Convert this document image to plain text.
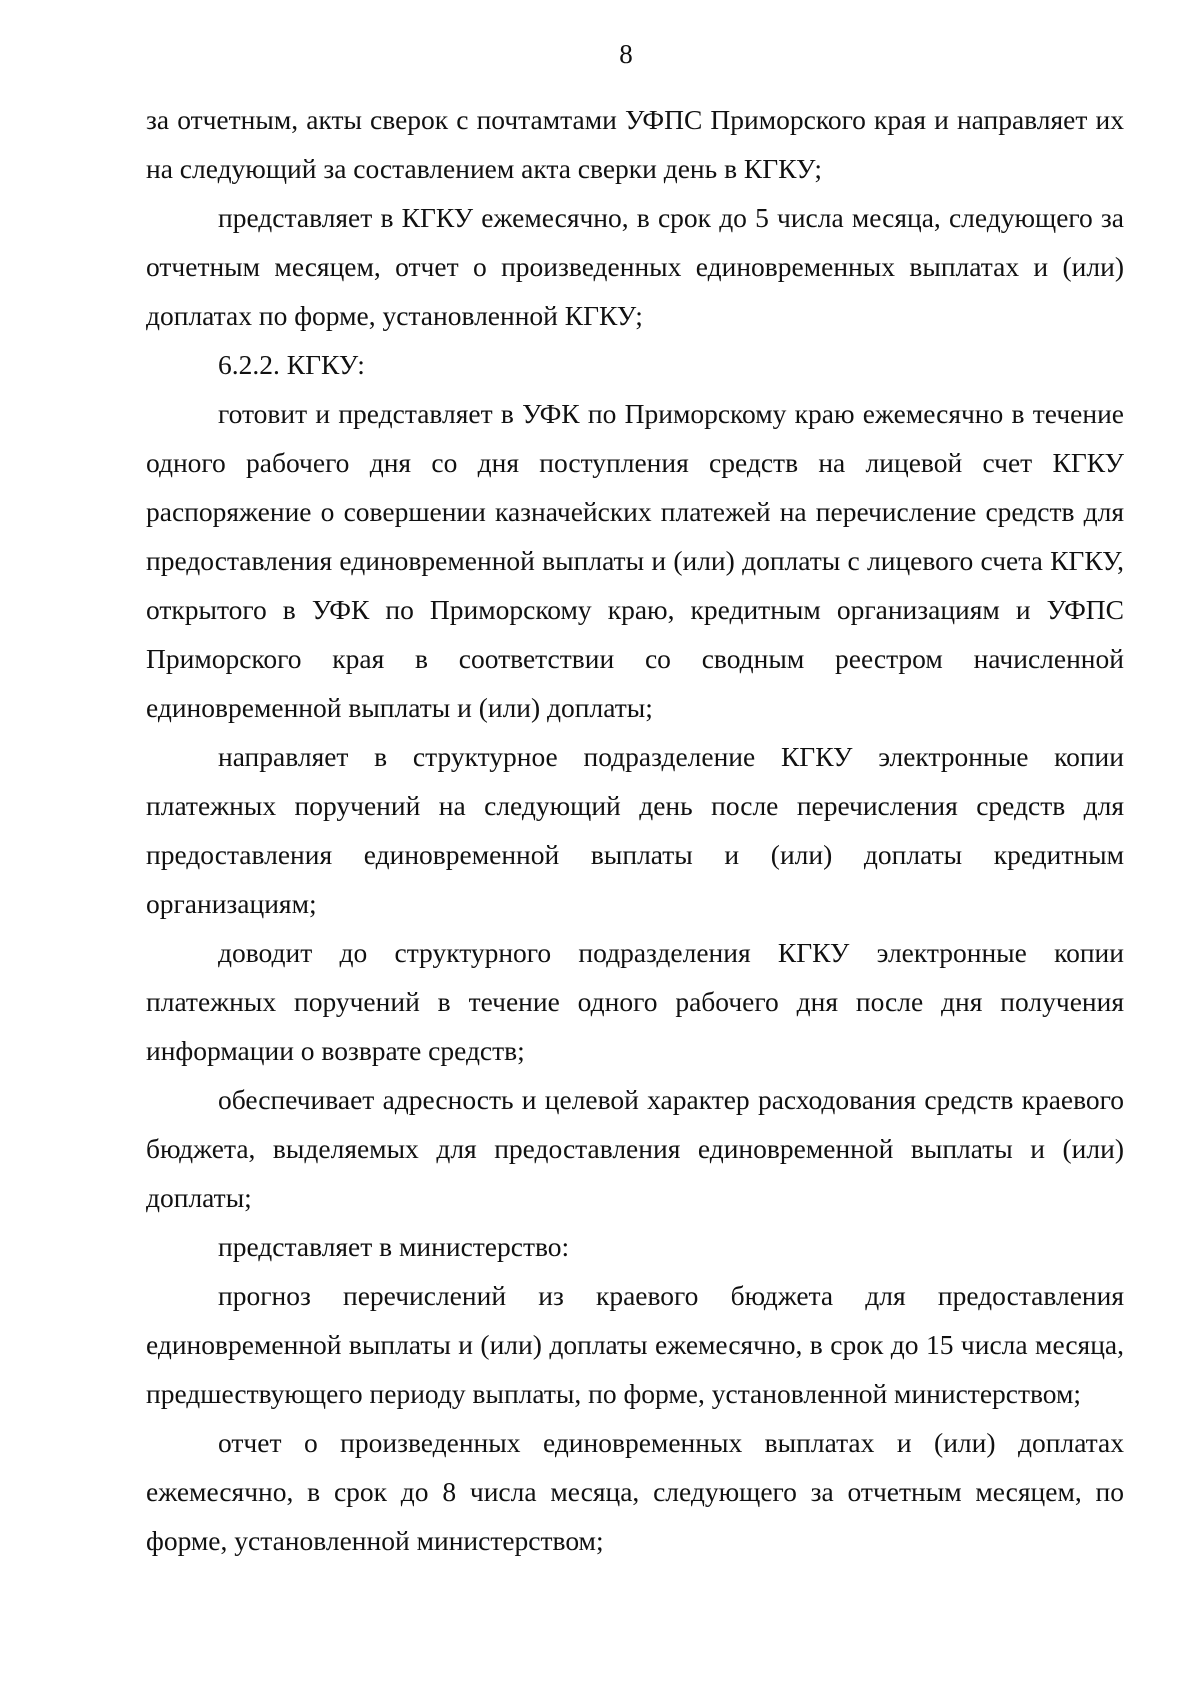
8

за отчетным, акты сверок с почтамтами УФПС Приморского края и направляет их на следующий за составлением акта сверки день в КГКУ;

представляет в КГКУ ежемесячно, в срок до 5 числа месяца, следующего за отчетным месяцем, отчет о произведенных единовременных выплатах и (или) доплатах по форме, установленной КГКУ;

6.2.2. КГКУ:

готовит и представляет в УФК по Приморскому краю ежемесячно в течение одного рабочего дня со дня поступления средств на лицевой счет КГКУ распоряжение о совершении казначейских платежей на перечисление средств для предоставления единовременной выплаты и (или) доплаты с лицевого счета КГКУ, открытого в УФК по Приморскому краю, кредитным организациям и УФПС Приморского края в соответствии со сводным реестром начисленной единовременной выплаты и (или) доплаты;

направляет в структурное подразделение КГКУ электронные копии платежных поручений на следующий день после перечисления средств для предоставления единовременной выплаты и (или) доплаты кредитным организациям;

доводит до структурного подразделения КГКУ электронные копии платежных поручений в течение одного рабочего дня после дня получения информации о возврате средств;

обеспечивает адресность и целевой характер расходования средств краевого бюджета, выделяемых для предоставления единовременной выплаты и (или) доплаты;

представляет в министерство:

прогноз перечислений из краевого бюджета для предоставления единовременной выплаты и (или) доплаты ежемесячно, в срок до 15 числа месяца, предшествующего периоду выплаты, по форме, установленной министерством;

отчет о произведенных единовременных выплатах и (или) доплатах ежемесячно, в срок до 8 числа месяца, следующего за отчетным месяцем, по форме, установленной министерством;
